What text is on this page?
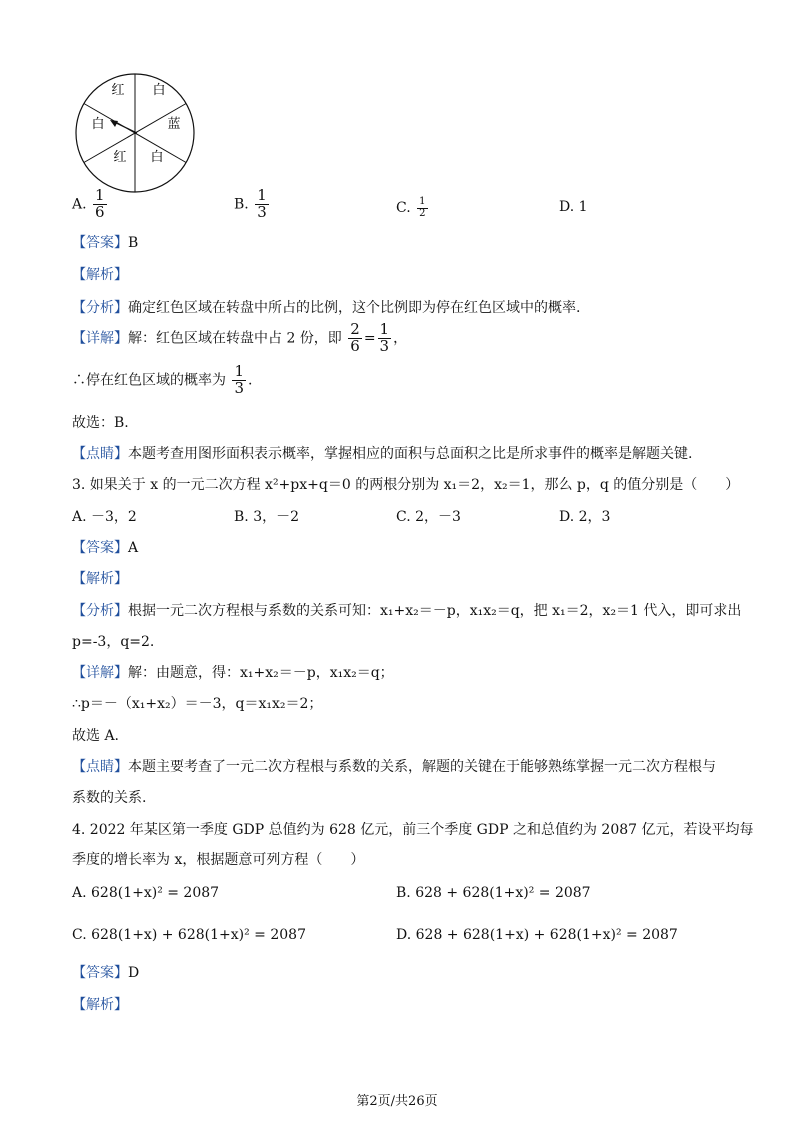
红 白
蓝
白
红
白
A. $\frac{1}{6}$	B. $\frac{1}{3}$	C. $\frac{1}{2}$	D. 1
【答案】B
【解析】
【分析】确定红色区域在转盘中所占的比例，这个比例即为停在红色区域中的概率.
【详解】解：红色区域在转盘中占 2 份，即 $\frac{2}{6} = \frac{1}{3}$ ，
∴停在红色区域的概率为 $\frac{1}{3}$ .
故选：B.
【点睛】本题考查用图形面积表示概率，掌握相应的面积与总面积之比是所求事件的概率是解题关键.
3. 如果关于 x 的一元二次方程 x²+px+q＝0 的两根分别为 x₁＝2，x₂＝1，那么 p，q 的值分别是（　　）
A. －3，2	B. 3，－2	C. 2，－3	D. 2，3
【答案】A
【解析】
【分析】根据一元二次方程根与系数的关系可知：x₁+x₂＝－p，x₁x₂＝q，把 x₁＝2，x₂＝1 代入，即可求出
p=-3，q=2.
【详解】解：由题意，得：x₁+x₂＝－p，x₁x₂＝q；
∴p＝－（x₁+x₂）＝－3，q＝x₁x₂＝2；
故选 A.
【点睛】本题主要考查了一元二次方程根与系数的关系，解题的关键在于能够熟练掌握一元二次方程根与
系数的关系.
4. 2022 年某区第一季度 GDP 总值约为 628 亿元，前三个季度 GDP 之和总值约为 2087 亿元，若设平均每
季度的增长率为 x，根据题意可列方程（　　）
A. 628(1+x)² = 2087	B. 628 + 628(1+x)² = 2087
C. 628(1+x) + 628(1+x)² = 2087	D. 628 + 628(1+x) + 628(1+x)² = 2087
【答案】D
【解析】
第2页/共26页
